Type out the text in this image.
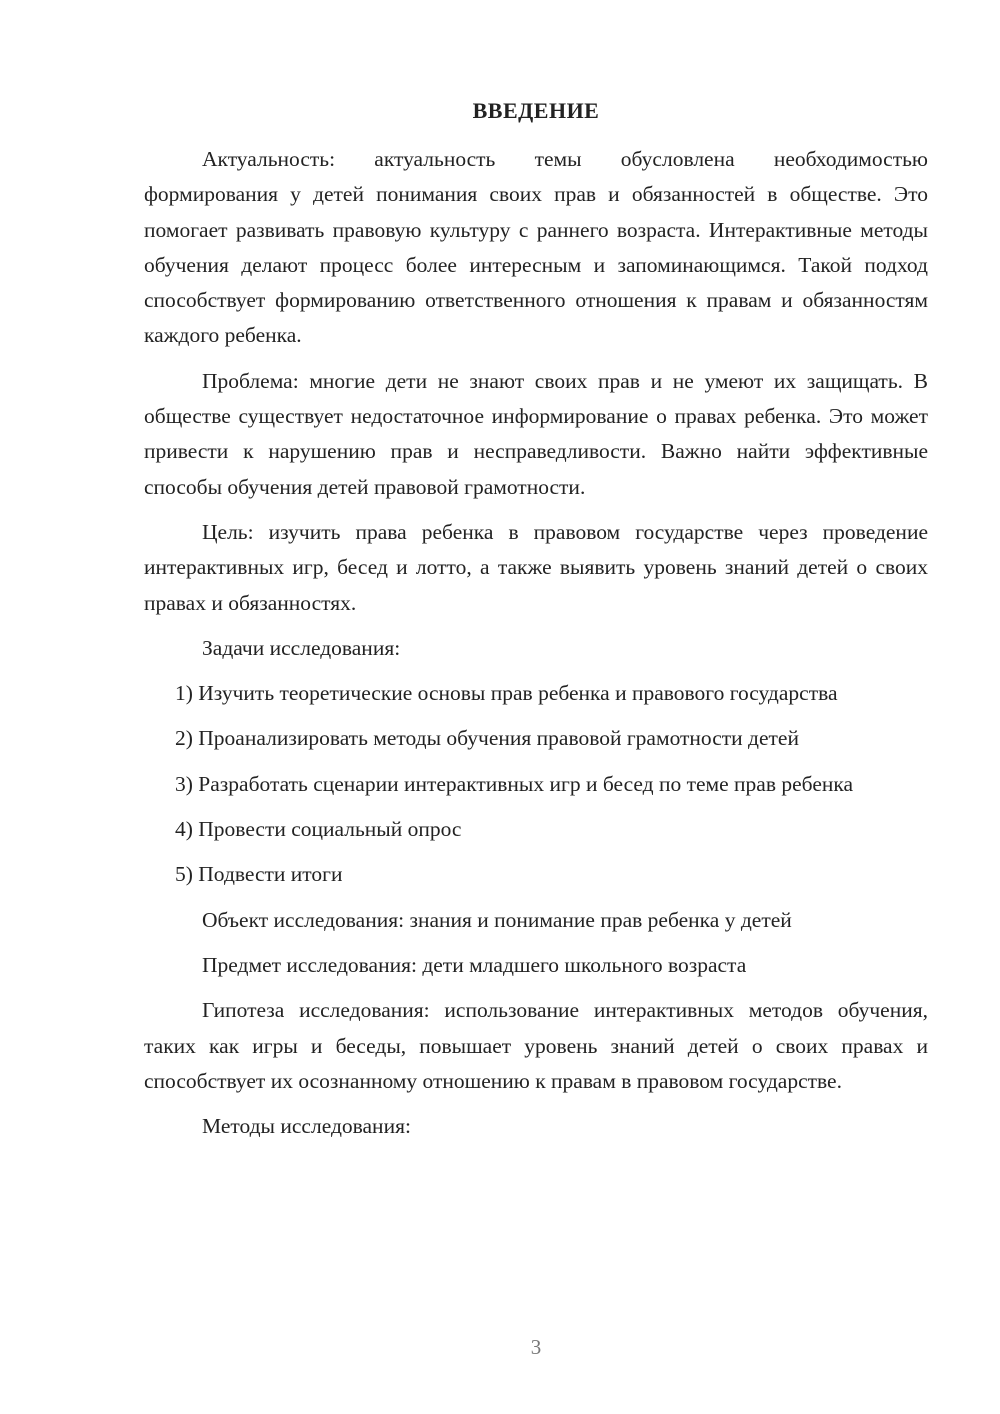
ВВЕДЕНИЕ

Актуальность: актуальность темы обусловлена необходимостью формирования у детей понимания своих прав и обязанностей в обществе. Это помогает развивать правовую культуру с раннего возраста. Интерактивные методы обучения делают процесс более интересным и запоминающимся. Такой подход способствует формированию ответственного отношения к правам и обязанностям каждого ребенка.

Проблема: многие дети не знают своих прав и не умеют их защищать. В обществе существует недостаточное информирование о правах ребенка. Это может привести к нарушению прав и несправедливости. Важно найти эффективные способы обучения детей правовой грамотности.

Цель: изучить права ребенка в правовом государстве через проведение интерактивных игр, бесед и лотто, а также выявить уровень знаний детей о своих правах и обязанностях.

Задачи исследования:

1) Изучить теоретические основы прав ребенка и правового государства

2) Проанализировать методы обучения правовой грамотности детей

3) Разработать сценарии интерактивных игр и бесед по теме прав ребенка

4) Провести социальный опрос

5) Подвести итоги

Объект исследования: знания и понимание прав ребенка у детей

Предмет исследования: дети младшего школьного возраста

Гипотеза исследования: использование интерактивных методов обучения, таких как игры и беседы, повышает уровень знаний детей о своих правах и способствует их осознанному отношению к правам в правовом государстве.

Методы исследования:

3
